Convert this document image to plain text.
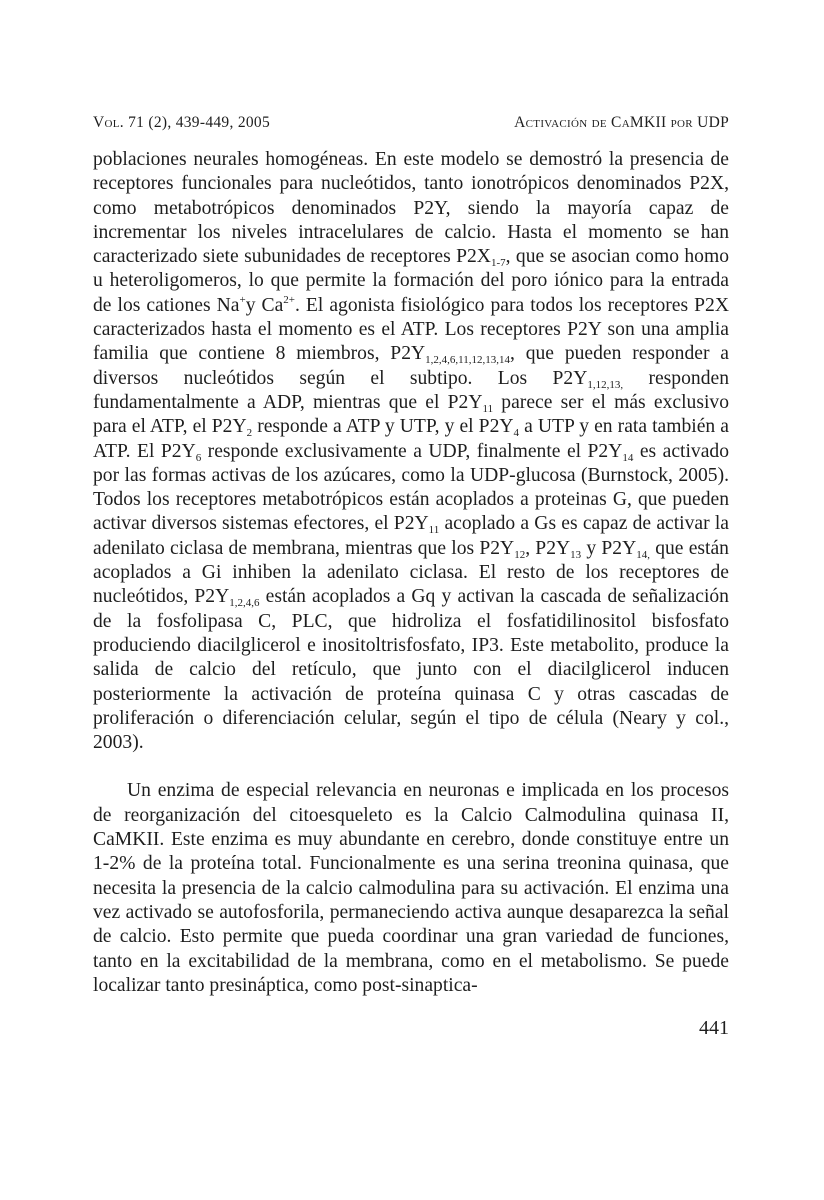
Vol. 71 (2), 439-449, 2005	Activación de CaMKII por UDP

poblaciones neurales homogéneas. En este modelo se demostró la presencia de receptores funcionales para nucleótidos, tanto ionotrópicos denominados P2X, como metabotrópicos denominados P2Y, siendo la mayoría capaz de incrementar los niveles intracelulares de calcio. Hasta el momento se han caracterizado siete subunidades de receptores $P2X_{1-7}$, que se asocian como homo u heteroligomeros, lo que permite la formación del poro iónico para la entrada de los cationes Na+y $Ca^{2+}$. El agonista fisiológico para todos los receptores P2X caracterizados hasta el momento es el ATP. Los receptores P2Y son una amplia familia que contiene 8 miembros, $P2Y_{1,2,4,6,11,12,13,14}$, que pueden responder a diversos nucleótidos según el subtipo. Los $P2Y_{1,12,13,}$ responden fundamentalmente a ADP, mientras que el $P2Y_{11}$ parece ser el más exclusivo para el ATP, el $P2Y_2$ responde a ATP y UTP, y el $P2Y_4$ a UTP y en rata también a ATP. El $P2Y_6$ responde exclusivamente a UDP, finalmente el $P2Y_{14}$ es activado por las formas activas de los azúcares, como la UDP-glucosa (Burnstock, 2005). Todos los receptores metabotrópicos están acoplados a proteinas G, que pueden activar diversos sistemas efectores, el $P2Y_{11}$ acoplado a Gs es capaz de activar la adenilato ciclasa de membrana, mientras que los $P2Y_{12}$, $P2Y_{13}$ y $P2Y_{14,}$ que están acoplados a Gi inhiben la adenilato ciclasa. El resto de los receptores de nucleótidos, $P2Y_{1,2,4,6}$ están acoplados a Gq y activan la cascada de señalización de la fosfolipasa C, PLC, que hidroliza el fosfatidilinositol bisfosfato produciendo diacilglicerol e inositoltrisfosfato, IP3. Este metabolito, produce la salida de calcio del retículo, que junto con el diacilglicerol inducen posteriormente la activación de proteína quinasa C y otras cascadas de proliferación o diferenciación celular, según el tipo de célula (Neary y col., 2003).

Un enzima de especial relevancia en neuronas e implicada en los procesos de reorganización del citoesqueleto es la Calcio Calmodulina quinasa II, CaMKII. Este enzima es muy abundante en cerebro, donde constituye entre un 1-2% de la proteína total. Funcionalmente es una serina treonina quinasa, que necesita la presencia de la calcio calmodulina para su activación. El enzima una vez activado se autofosforila, permaneciendo activa aunque desaparezca la señal de calcio. Esto permite que pueda coordinar una gran variedad de funciones, tanto en la excitabilidad de la membrana, como en el metabolismo. Se puede localizar tanto presináptica, como post-sinaptica-

441
